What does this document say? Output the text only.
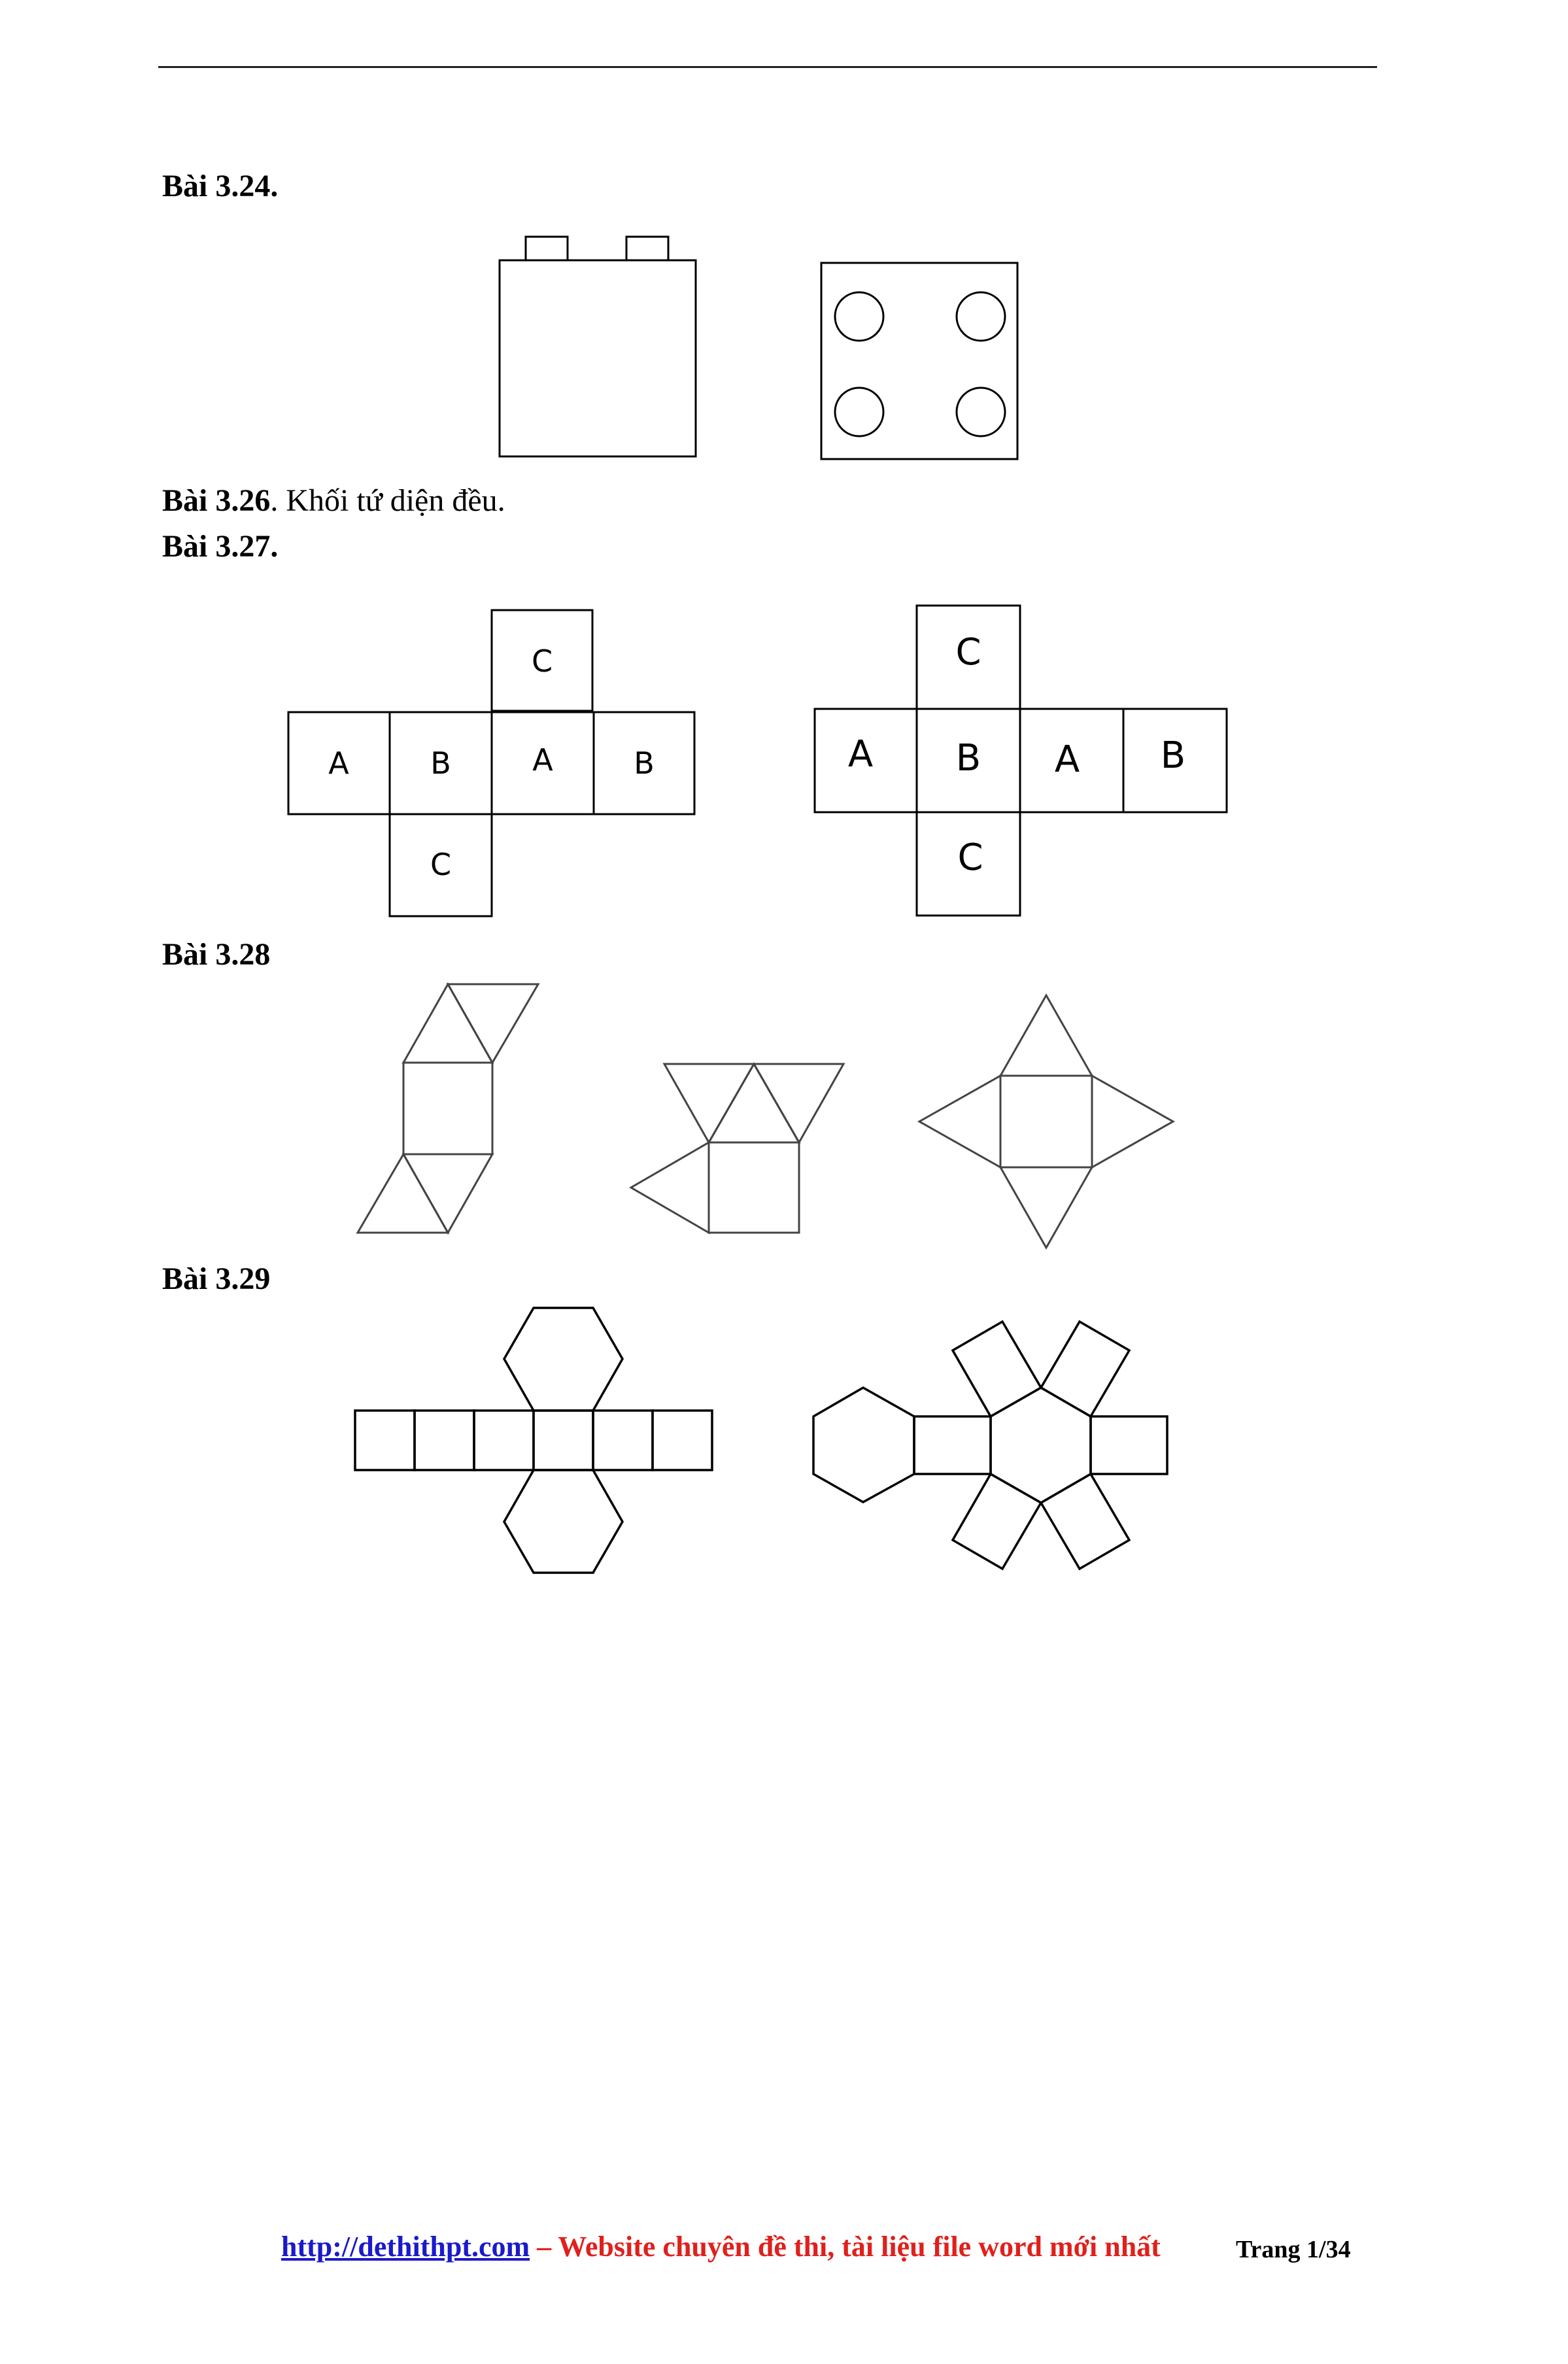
Bài 3.24.
C
A	B	A	B
C
C
A B A B
C
Bài 3.26. Khối tứ diện đều.
Bài 3.27.
Bài 3.28
Bài 3.29
http://dethithpt.com – Website chuyên đề thi, tài liệu file word mới nhất	Trang 1/34
